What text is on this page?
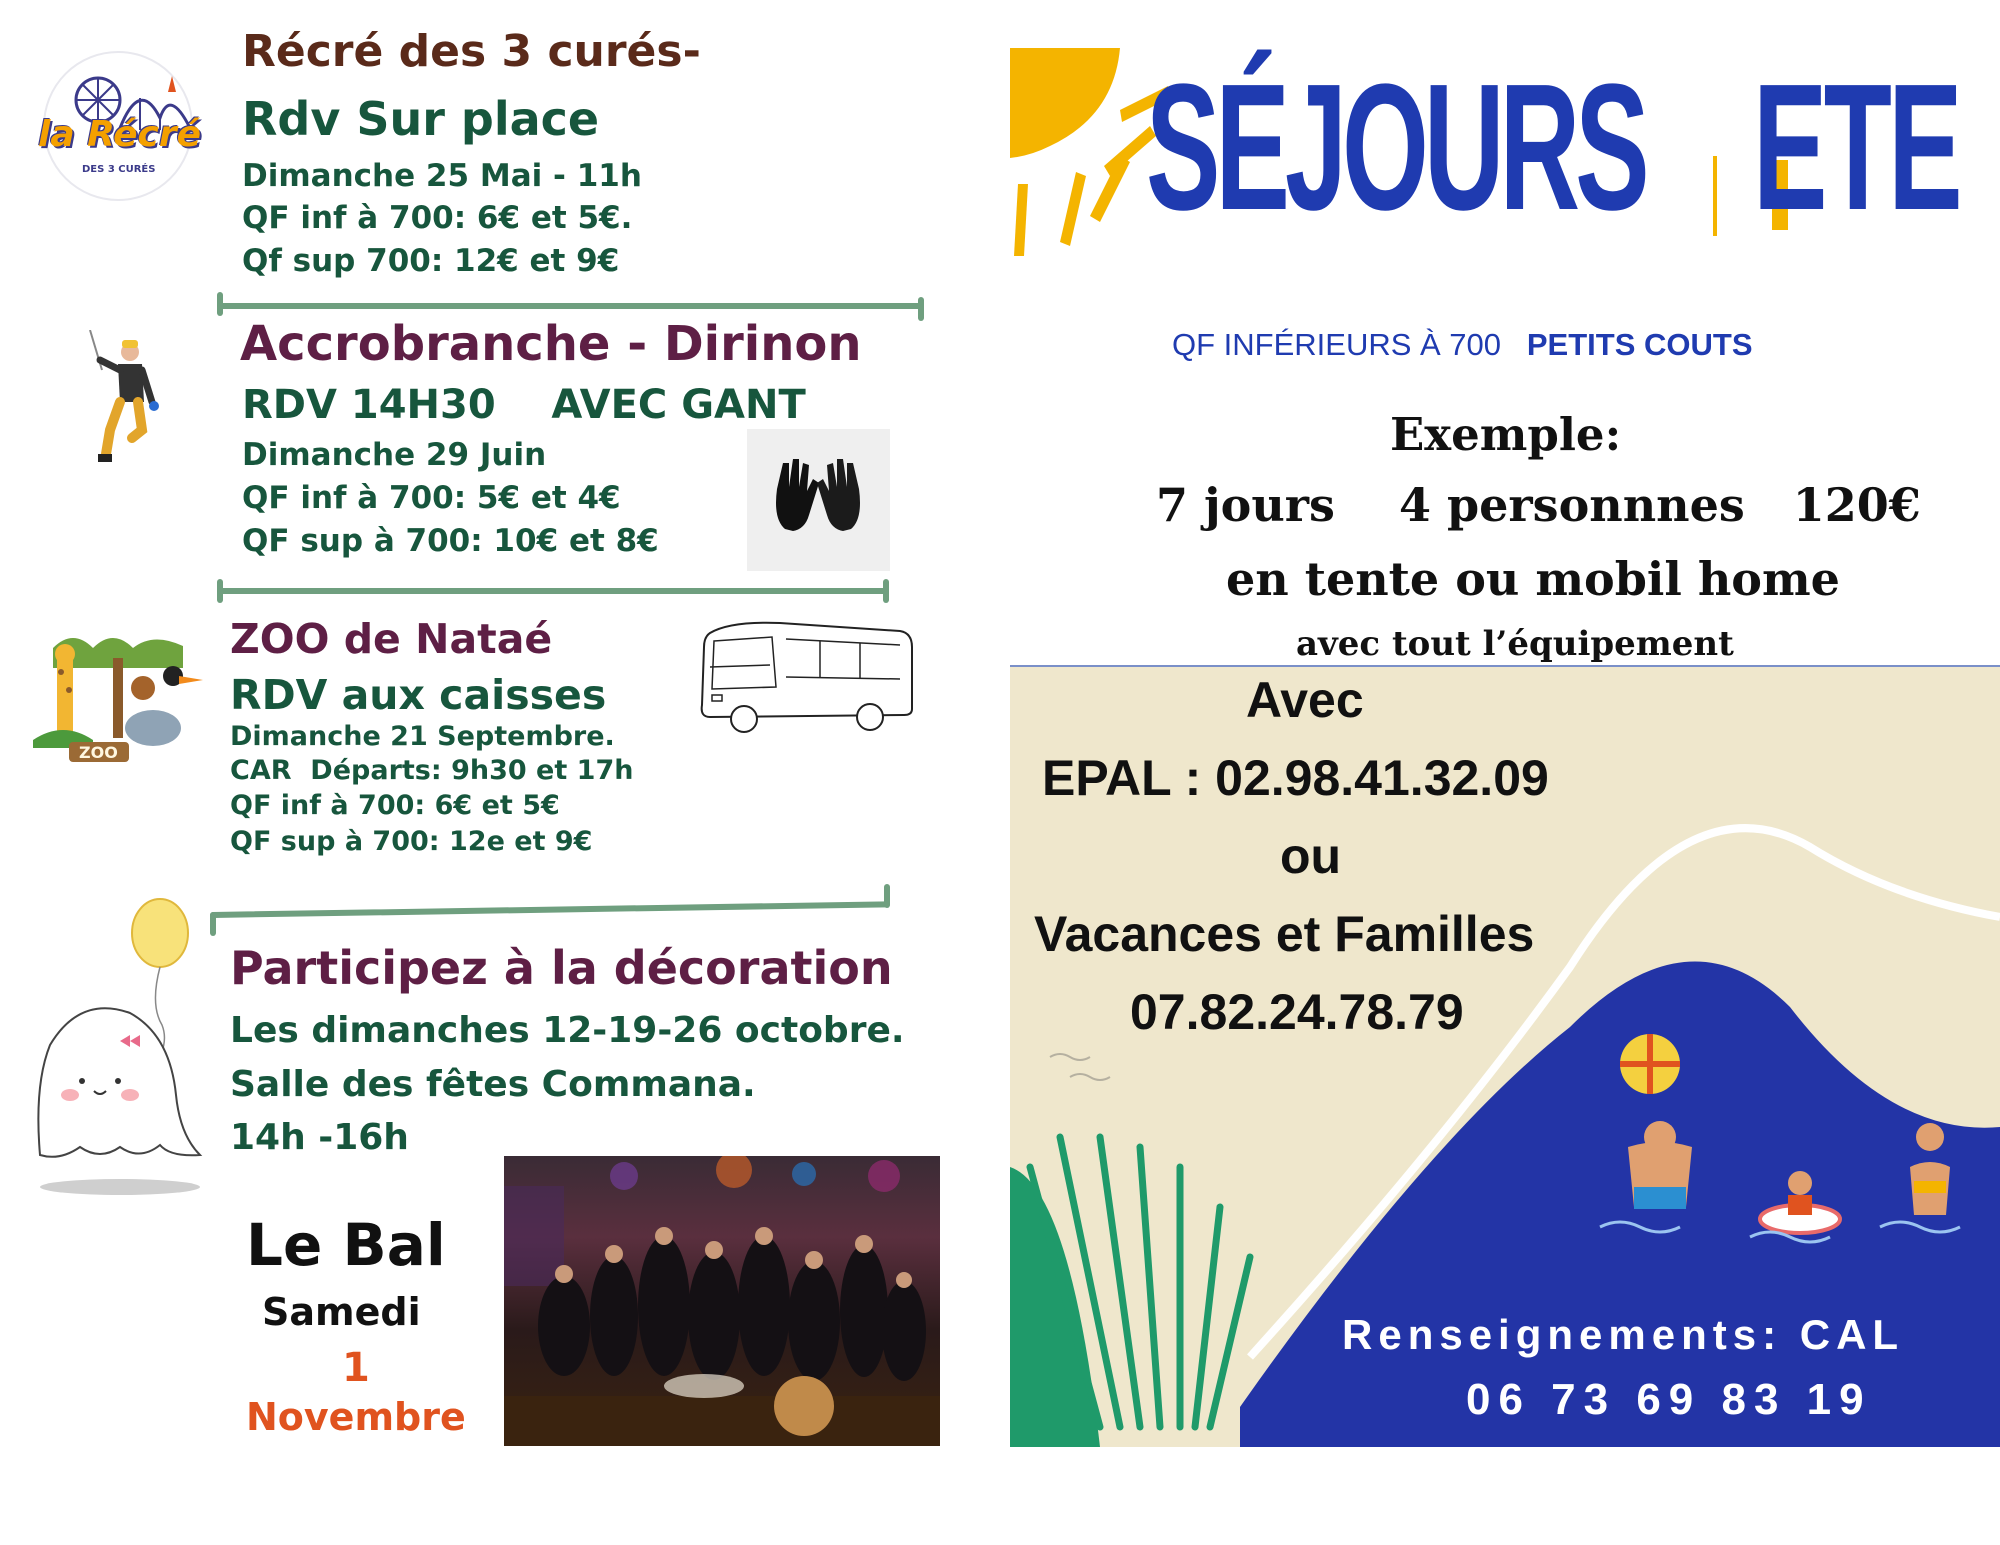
la Récré
DES 3 CURÉS
Récré des 3 curés-
Rdv Sur place
Dimanche 25 Mai - 11h
QF inf à 700: 6€ et 5€.
Qf sup 700: 12€ et 9€
Accrobranche - Dirinon
RDV 14H30    AVEC GANT
Dimanche 29 Juin
QF inf à 700: 5€ et 4€
QF sup à 700: 10€ et 8€
ZOO
ZOO de Nataé
RDV aux caisses
Dimanche 21 Septembre.
CAR  Départs: 9h30 et 17h
QF inf à 700: 6€ et 5€
QF sup à 700: 12e et 9€
Participez à la décoration
Les dimanches 12-19-26 octobre.
Salle des fêtes Commana.
14h -16h
Le Bal
Samedi
1
Novembre
SÉJOURS ETE
QF INFÉRIEURS À 700 PETITS COUTS
Exemple:
7 jours    4 personnnes   120€
en tente ou mobil home
avec tout l’équipement
Avec
EPAL : 02.98.41.32.09
ou
Vacances et Familles
07.82.24.78.79
Renseignements: CAL
06 73 69 83 19
